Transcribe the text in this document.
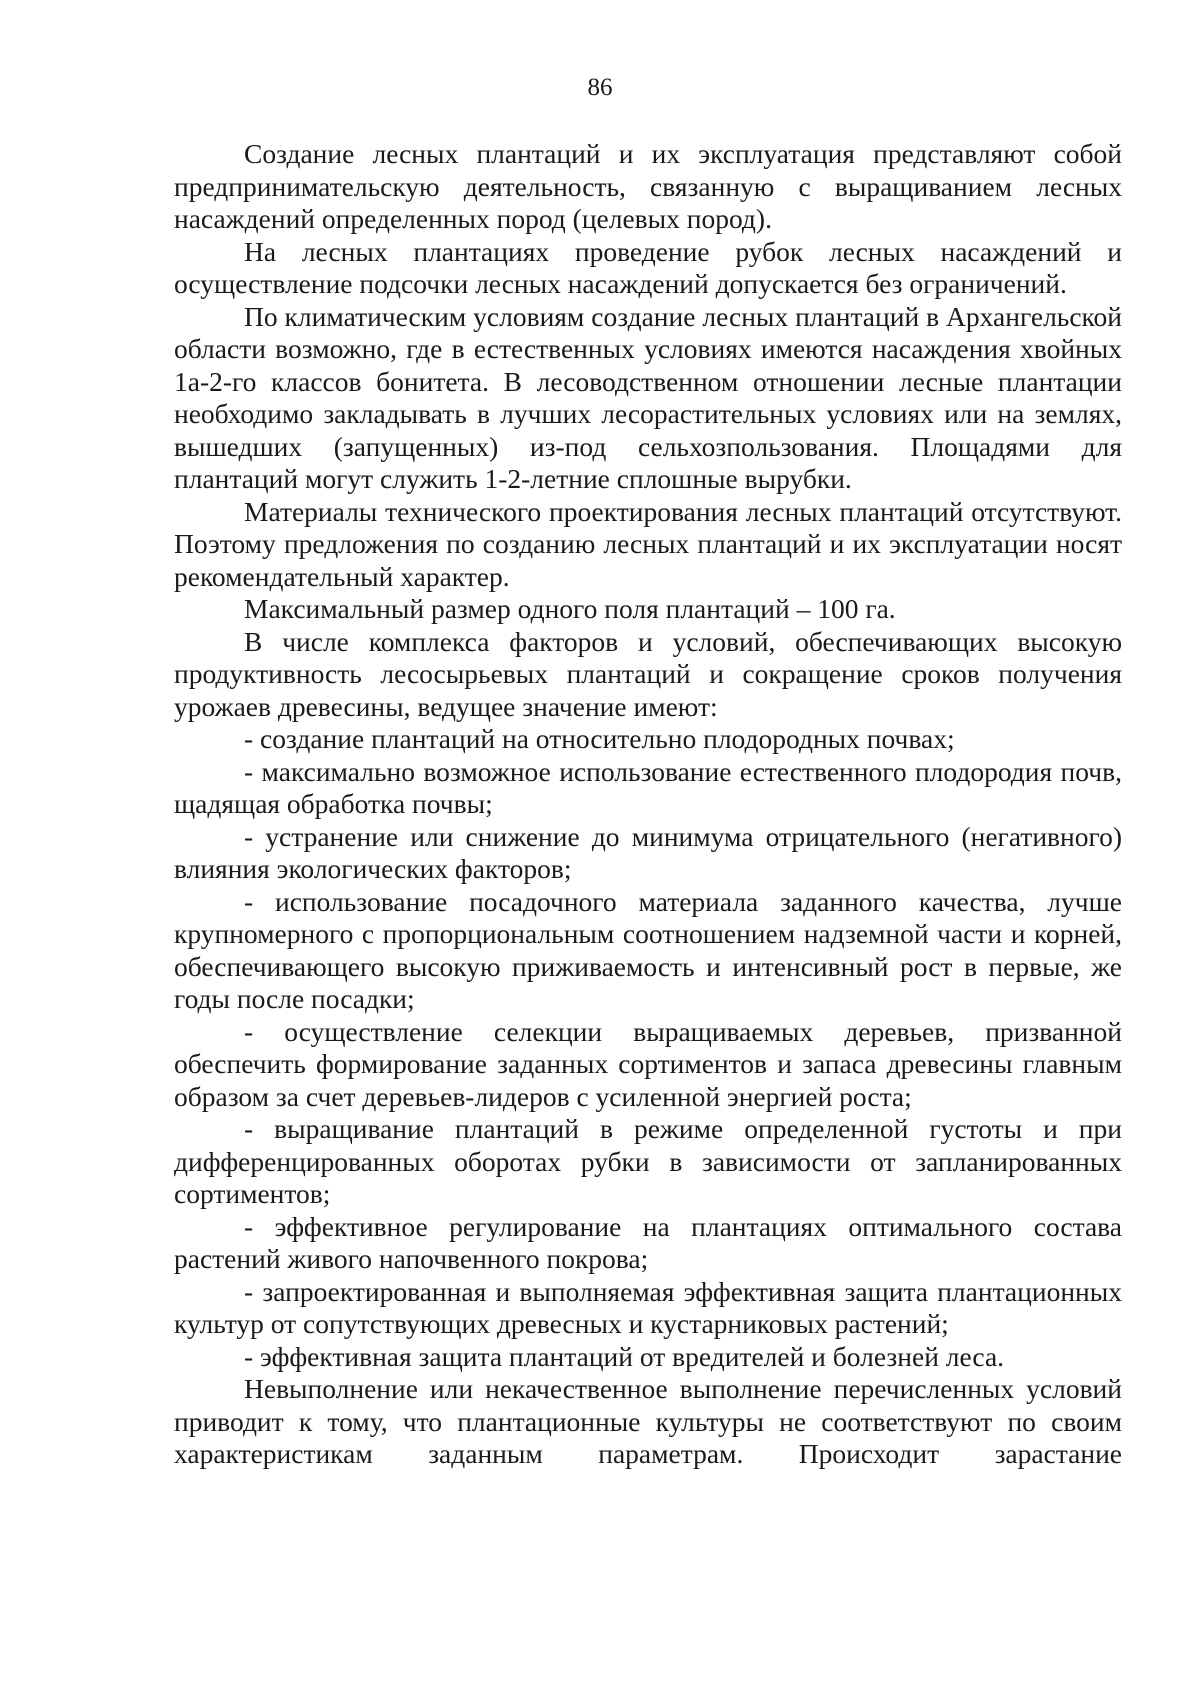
86

Создание лесных плантаций и их эксплуатация представляют собой предпринимательскую деятельность, связанную с выращиванием лесных насаждений определенных пород (целевых пород).

На лесных плантациях проведение рубок лесных насаждений и осуществление подсочки лесных насаждений допускается без ограничений.

По климатическим условиям создание лесных плантаций в Архангельской области возможно, где в естественных условиях имеются насаждения хвойных 1а-2-го классов бонитета. В лесоводственном отношении лесные плантации необходимо закладывать в лучших лесорастительных условиях или на землях, вышедших (запущенных) из-под сельхозпользования. Площадями для плантаций могут служить 1-2-летние сплошные вырубки.

Материалы технического проектирования лесных плантаций отсутствуют. Поэтому предложения по созданию лесных плантаций и их эксплуатации носят рекомендательный характер.

Максимальный размер одного поля плантаций – 100 га.

В числе комплекса факторов и условий, обеспечивающих высокую продуктивность лесосырьевых плантаций и сокращение сроков получения урожаев древесины, ведущее значение имеют:

- создание плантаций на относительно плодородных почвах;

- максимально возможное использование естественного плодородия почв, щадящая обработка почвы;

- устранение или снижение до минимума отрицательного (негативного) влияния экологических факторов;

- использование посадочного материала заданного качества, лучше крупномерного с пропорциональным соотношением надземной части и корней, обеспечивающего высокую приживаемость и интенсивный рост в первые, же годы после посадки;

- осуществление селекции выращиваемых деревьев, призванной обеспечить формирование заданных сортиментов и запаса древесины главным образом за счет деревьев-лидеров с усиленной энергией роста;

- выращивание плантаций в режиме определенной густоты и при дифференцированных оборотах рубки в зависимости от запланированных сортиментов;

- эффективное регулирование на плантациях оптимального состава растений живого напочвенного покрова;

- запроектированная и выполняемая эффективная защита плантационных культур от сопутствующих древесных и кустарниковых растений;

- эффективная защита плантаций от вредителей и болезней леса.

Невыполнение или некачественное выполнение перечисленных условий приводит к тому, что плантационные культуры не соответствуют по своим характеристикам заданным параметрам. Происходит зарастание
